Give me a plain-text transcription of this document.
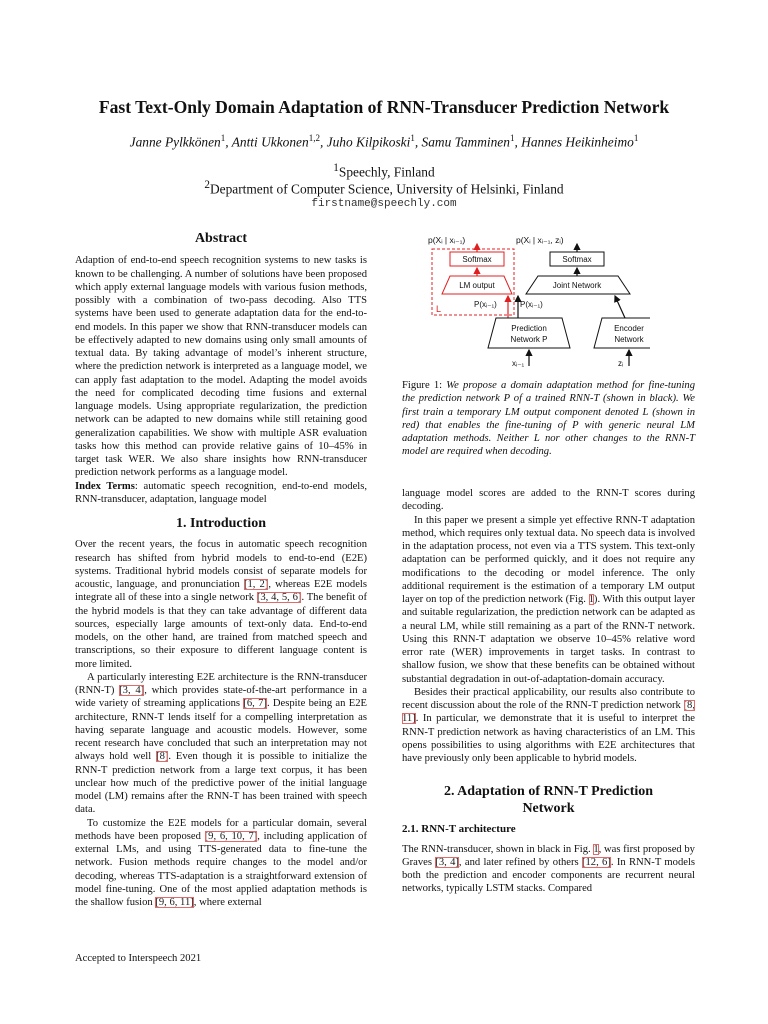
Fast Text-Only Domain Adaptation of RNN-Transducer Prediction Network
Janne Pylkkönen$^1$, Antti Ukkonen$^{1,2}$, Juho Kilpikoski$^1$, Samu Tamminen$^1$, Hannes Heikinheimo$^1$
$^1$Speechly, Finland
$^2$Department of Computer Science, University of Helsinki, Finland
firstname@speechly.com
Abstract

Adaption of end-to-end speech recognition systems to new tasks is known to be challenging. A number of solutions have been proposed which apply external language models with various fusion methods, possibly with a combination of two-pass decoding. Also TTS systems have been used to generate adaptation data for the end-to-end models. In this paper we show that RNN-transducer models can be effectively adapted to new domains using only small amounts of textual data. By taking advantage of model’s inherent structure, where the prediction network is interpreted as a language model, we can apply fast adaptation to the model. Adapting the model avoids the need for complicated decoding time fusions and external language models. Using appropriate regularization, the prediction network can be adapted to new domains while still retaining good generalization capabilities. We show with multiple ASR evaluation tasks how this method can provide relative gains of 10–45% in target task WER. We also share insights how RNN-transducer prediction network performs as a language model.

Index Terms: automatic speech recognition, end-to-end models, RNN-transducer, adaptation, language model

1. Introduction

Over the recent years, the focus in automatic speech recognition research has shifted from hybrid models to end-to-end (E2E) systems. Traditional hybrid models consist of separate models for acoustic, language, and pronunciation [1, 2], whereas E2E models integrate all of these into a single network [3, 4, 5, 6]. The benefit of the hybrid models is that they can take advantage of different data sources, especially large amounts of text-only data. End-to-end models, on the other hand, are trained from matched speech and transcriptions, so their exposure to different language content is more limited.

A particularly interesting E2E architecture is the RNN-transducer (RNN-T) [3, 4], which provides state-of-the-art performance in a wide variety of streaming applications [6, 7]. Despite being an E2E architecture, RNN-T lends itself for a compelling interpretation as having separate language and acoustic models. However, some recent research have concluded that such an interpretation may not always hold well [8]. Even though it is possible to initialize the RNN-T prediction network from a large text corpus, it has been unclear how much of the predictive power of the initial language model (LM) remains after the RNN-T has been trained with speech data.

To customize the E2E models for a particular domain, several methods have been proposed [9, 6, 10, 7], including application of external LMs, and using TTS-generated data to fine-tune the network. Fusion methods require changes to the model and/or decoding, whereas TTS-adaptation is a straightforward extension of model fine-tuning. One of the most applied adaptation methods is the shallow fusion [9, 6, 11], where external

p(Xᵢ | xᵢ₋₁)	p(Xᵢ | xᵢ₋₁, zᵢ)
Softmax	Softmax
LM output	Joint Network
L	P(xᵢ₋₁)	P(xᵢ₋₁)
Prediction
Network P
Encoder
Network
xᵢ₋₁	zᵢ
Figure 1: We propose a domain adaptation method for fine-tuning the prediction network P of a trained RNN-T (shown in black). We first train a temporary LM output component denoted L (shown in red) that enables the fine-tuning of P with generic neural LM adaptation methods. Neither L nor other changes to the RNN-T model are required when decoding.

language model scores are added to the RNN-T scores during decoding.

In this paper we present a simple yet effective RNN-T adaptation method, which requires only textual data. No speech data is involved in the adaptation process, not even via a TTS system. This text-only adaptation can be performed quickly, and it does not require any modifications to the decoding or model inference. The only additional requirement is the estimation of a temporary LM output layer on top of the prediction network (Fig. 1). With this output layer and suitable regularization, the prediction network can be adapted as a neural LM, while still remaining as a part of the RNN-T network. Using this RNN-T adaptation we observe 10–45% relative word error rate (WER) improvements in target tasks. In contrast to shallow fusion, we show that these benefits can be obtained without substantial degradation in out-of-adaptation-domain accuracy.

Besides their practical applicability, our results also contribute to recent discussion about the role of the RNN-T prediction network [8, 11]. In particular, we demonstrate that it is useful to interpret the RNN-T prediction network as having characteristics of an LM. This opens possibilities to using algorithms with E2E architectures that have previously only been applicable to hybrid models.

2. Adaptation of RNN-T Prediction
Network
2.1. RNN-T architecture

The RNN-transducer, shown in black in Fig. 1, was first proposed by Graves [3, 4], and later refined by others [12, 6]. In RNN-T models both the prediction and encoder components are recurrent neural networks, typically LSTM stacks. Compared

Accepted to Interspeech 2021
